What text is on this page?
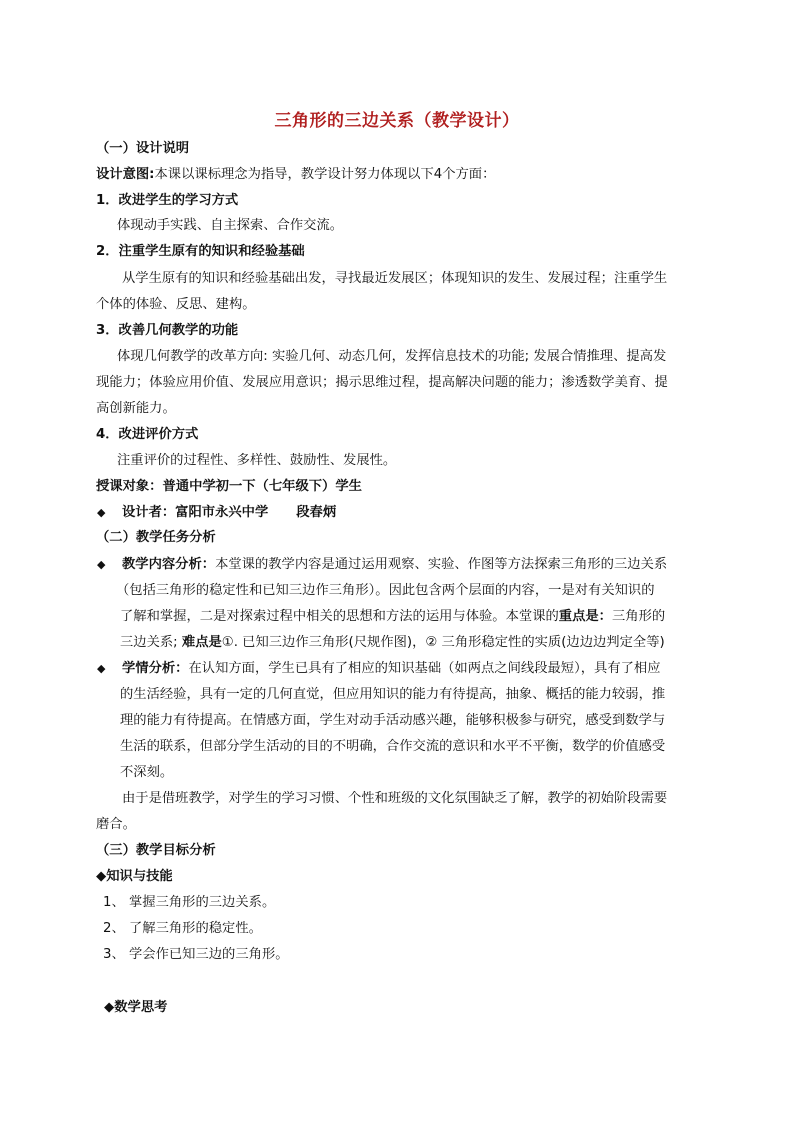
三角形的三边关系（教学设计）
（一）设计说明
设计意图:本课以课标理念为指导，教学设计努力体现以下4个方面：
1．改进学生的学习方式
体现动手实践、自主探索、合作交流。
2．注重学生原有的知识和经验基础
从学生原有的知识和经验基础出发，寻找最近发展区；体现知识的发生、发展过程；注重学生
个体的体验、反思、建构。
3．改善几何教学的功能
体现几何教学的改革方向: 实验几何、动态几何，发挥信息技术的功能; 发展合情推理、提高发
现能力；体验应用价值、发展应用意识；揭示思维过程，提高解决问题的能力；渗透数学美育、提
高创新能力。
4．改进评价方式
注重评价的过程性、多样性、鼓励性、发展性。
授课对象：普通中学初一下（七年级下）学生
◆ 设计者：富阳市永兴中学 段春炳
（二）教学任务分析
◆ 教学内容分析：本堂课的教学内容是通过运用观察、实验、作图等方法探索三角形的三边关系
（包括三角形的稳定性和已知三边作三角形）。因此包含两个层面的内容，一是对有关知识的
了解和掌握，二是对探索过程中相关的思想和方法的运用与体验。本堂课的重点是：三角形的
三边关系; 难点是①. 已知三边作三角形(尺规作图)，② 三角形稳定性的实质(边边边判定全等)
◆ 学情分析：在认知方面，学生已具有了相应的知识基础（如两点之间线段最短），具有了相应
的生活经验，具有一定的几何直觉，但应用知识的能力有待提高，抽象、概括的能力较弱，推
理的能力有待提高。在情感方面，学生对动手活动感兴趣，能够积极参与研究，感受到数学与
生活的联系，但部分学生活动的目的不明确，合作交流的意识和水平不平衡，数学的价值感受
不深刻。
由于是借班教学，对学生的学习习惯、个性和班级的文化氛围缺乏了解，教学的初始阶段需要
磨合。
（三）教学目标分析
◆知识与技能
1、 掌握三角形的三边关系。
2、 了解三角形的稳定性。
3、 学会作已知三边的三角形。
◆数学思考
